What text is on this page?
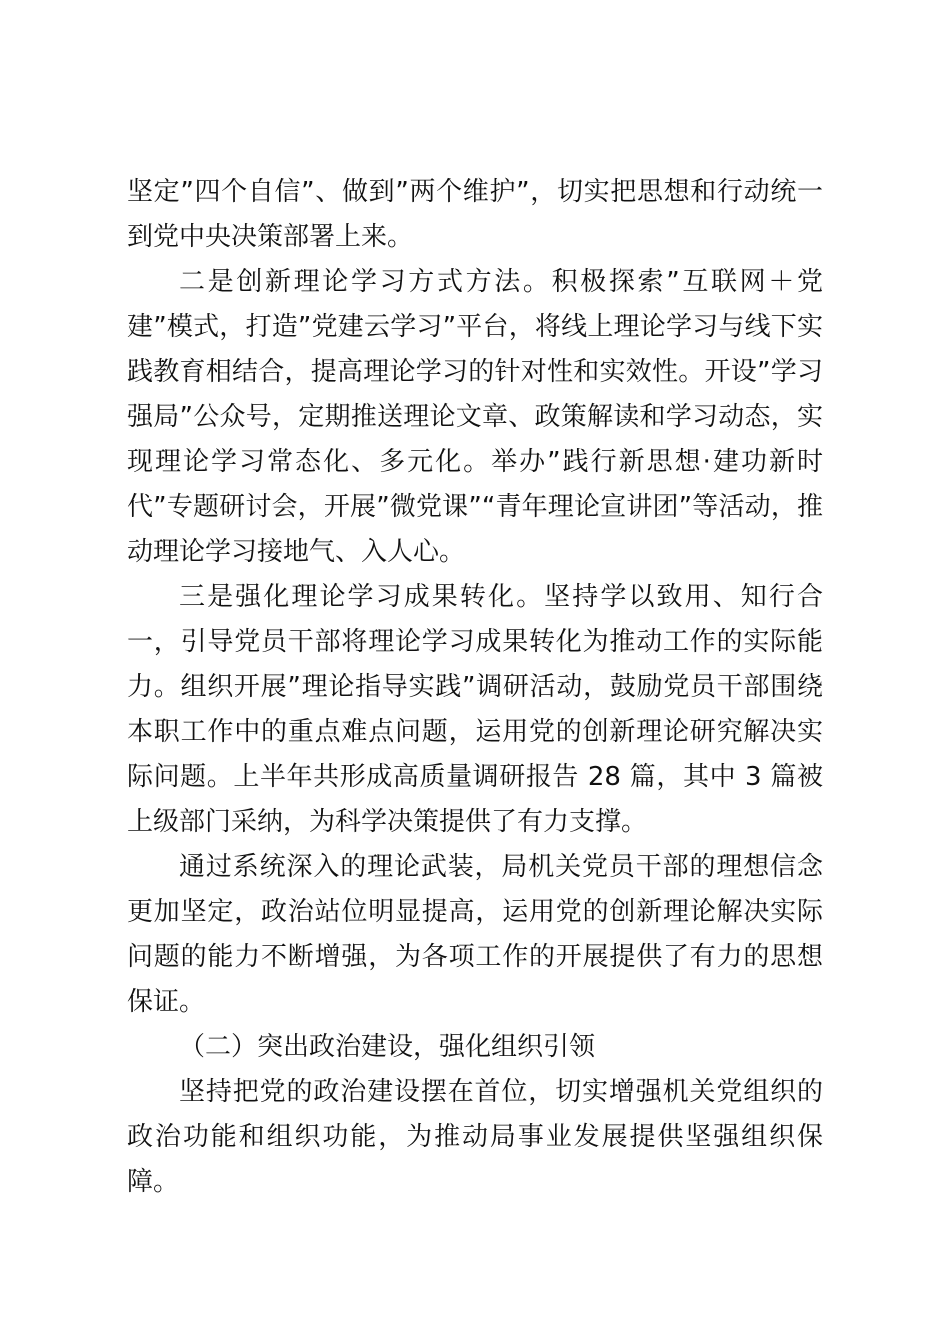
坚定”四个自信”、做到”两个维护”，切实把思想和行动统一到党中央决策部署上来。

二是创新理论学习方式方法。积极探索”互联网＋党建”模式，打造”党建云学习”平台，将线上理论学习与线下实践教育相结合，提高理论学习的针对性和实效性。开设”学习强局”公众号，定期推送理论文章、政策解读和学习动态，实现理论学习常态化、多元化。举办”践行新思想·建功新时代”专题研讨会，开展”微党课”“青年理论宣讲团”等活动，推动理论学习接地气、入人心。

三是强化理论学习成果转化。坚持学以致用、知行合一，引导党员干部将理论学习成果转化为推动工作的实际能力。组织开展”理论指导实践”调研活动，鼓励党员干部围绕本职工作中的重点难点问题，运用党的创新理论研究解决实际问题。上半年共形成高质量调研报告 28 篇，其中 3 篇被上级部门采纳，为科学决策提供了有力支撑。

通过系统深入的理论武装，局机关党员干部的理想信念更加坚定，政治站位明显提高，运用党的创新理论解决实际问题的能力不断增强，为各项工作的开展提供了有力的思想保证。

（二）突出政治建设，强化组织引领

坚持把党的政治建设摆在首位，切实增强机关党组织的政治功能和组织功能，为推动局事业发展提供坚强组织保障。
